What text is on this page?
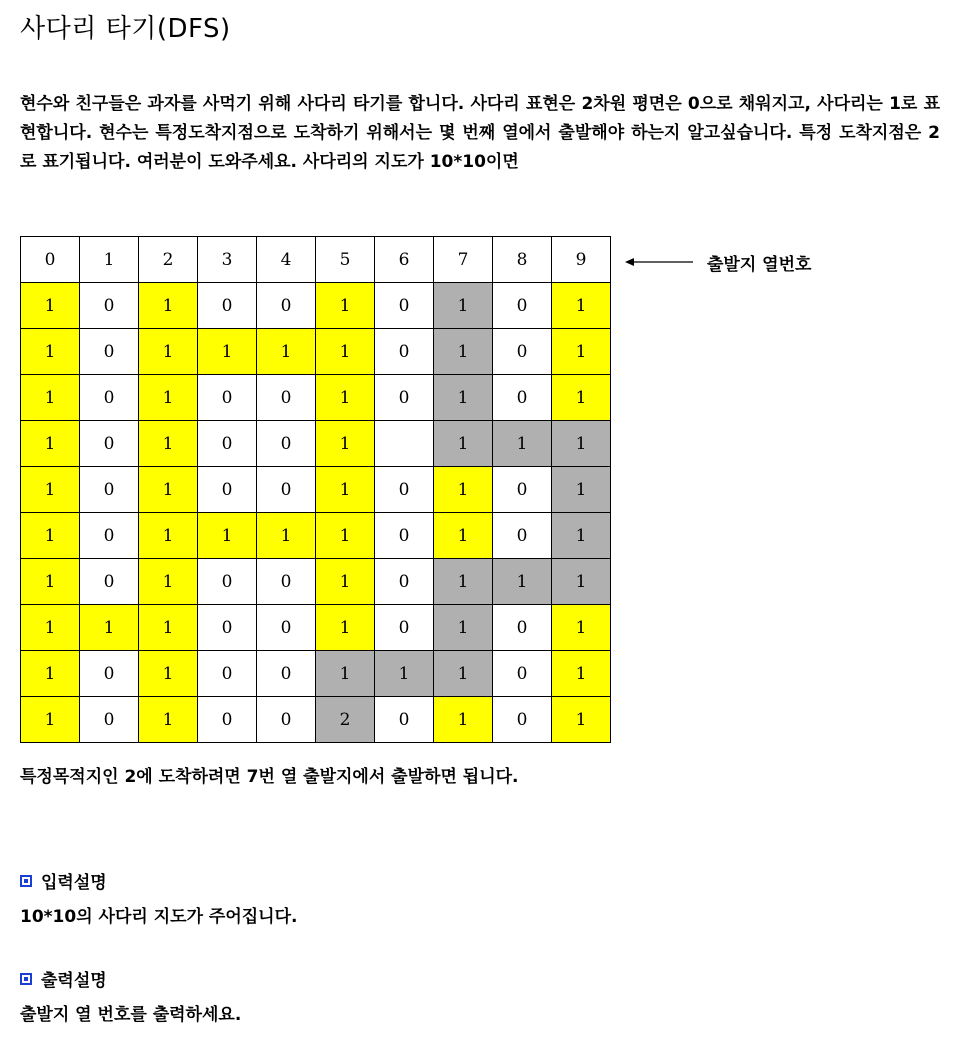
사다리 타기(DFS)

현수와 친구들은 과자를 사먹기 위해 사다리 타기를 합니다. 사다리 표현은 2차원 평면은 0으로 채워지고, 사다리는 1로 표현합니다. 현수는 특정도착지점으로 도착하기 위해서는 몇 번째 열에서 출발해야 하는지 알고싶습니다. 특정 도착지점은 2로 표기됩니다. 여러분이 도와주세요. 사다리의 지도가 10*10이면

0	1	2	3	4	5	6	7	8	9
1	0	1	0	0	1	0	1	0	1
1	0	1	1	1	1	0	1	0	1
1	0	1	0	0	1	0	1	0	1
1	0	1	0	0	1		1	1	1
1	0	1	0	0	1	0	1	0	1
1	0	1	1	1	1	0	1	0	1
1	0	1	0	0	1	0	1	1	1
1	1	1	0	0	1	0	1	0	1
1	0	1	0	0	1	1	1	0	1
1	0	1	0	0	2	0	1	0	1
출발지 열번호

특정목적지인 2에 도착하려면 7번 열 출발지에서 출발하면 됩니다.

입력설명

10*10의 사다리 지도가 주어집니다.

출력설명

출발지 열 번호를 출력하세요.
